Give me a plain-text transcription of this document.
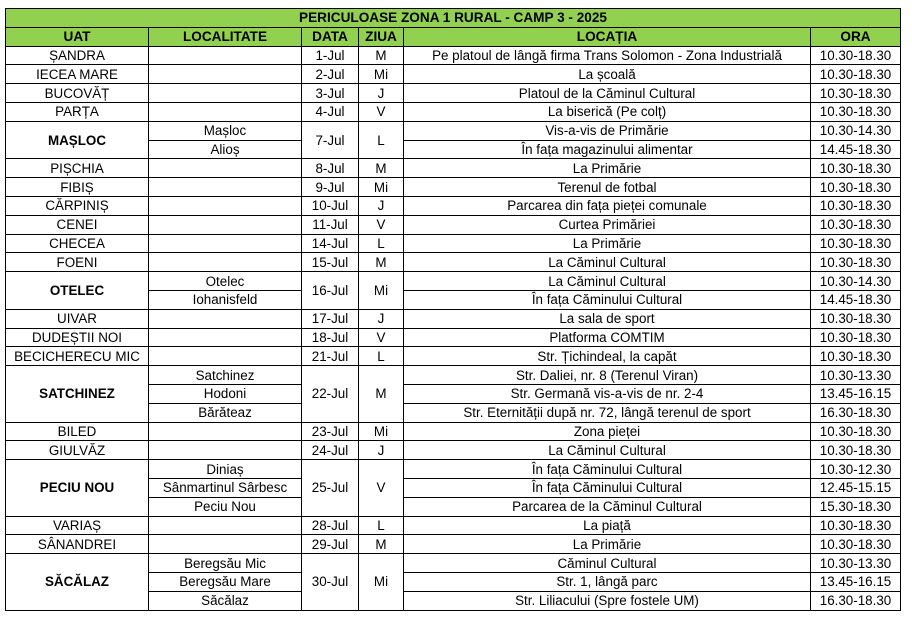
PERICULOASE ZONA 1 RURAL - CAMP 3 - 2025					
UAT	LOCALITATE	DATA	ZIUA	LOCAȚIA	ORA
ȘANDRA		1-Jul	M	Pe platoul de lângă firma Trans Solomon - Zona Industrială	10.30-18.30
IECEA MARE		2-Jul	Mi	La școală	10.30-18.30
BUCOVĂȚ		3-Jul	J	Platoul de la Căminul Cultural	10.30-18.30
PARȚA		4-Jul	V	La biserică (Pe colț)	10.30-18.30
MAȘLOC	Mașloc	7-Jul	L	Vis-a-vis de Primărie	10.30-14.30
	Alioș			În fața magazinului alimentar	14.45-18.30
PIȘCHIA		8-Jul	M	La Primărie	10.30-18.30
FIBIȘ		9-Jul	Mi	Terenul de fotbal	10.30-18.30
CĂRPINIȘ		10-Jul	J	Parcarea din fața pieței comunale	10.30-18.30
CENEI		11-Jul	V	Curtea Primăriei	10.30-18.30
CHECEA		14-Jul	L	La Primărie	10.30-18.30
FOENI		15-Jul	M	La Căminul Cultural	10.30-18.30
OTELEC	Otelec	16-Jul	Mi	La Căminul Cultural	10.30-14.30
	Iohanisfeld			În fața Căminului Cultural	14.45-18.30
UIVAR		17-Jul	J	La sala de sport	10.30-18.30
DUDEȘTII NOI		18-Jul	V	Platforma COMTIM	10.30-18.30
BECICHERECU MIC		21-Jul	L	Str. Țichindeal, la capăt	10.30-18.30
SATCHINEZ	Satchinez	22-Jul	M	Str. Daliei, nr. 8 (Terenul Viran)	10.30-13.30
	Hodoni			Str. Germană vis-a-vis de nr. 2-4	13.45-16.15
	Bărăteaz			Str. Eternității după nr. 72, lângă terenul de sport	16.30-18.30
BILED		23-Jul	Mi	Zona pieței	10.30-18.30
GIULVĂZ		24-Jul	J	La Căminul Cultural	10.30-18.30
PECIU NOU	Diniaș	25-Jul	V	În fața Căminului Cultural	10.30-12.30
	Sânmartinul Sârbesc			În fața Căminului Cultural	12.45-15.15
	Peciu Nou			Parcarea de la Căminul Cultural	15.30-18.30
VARIAȘ		28-Jul	L	La piață	10.30-18.30
SÂNANDREI		29-Jul	M	La Primărie	10.30-18.30
SĂCĂLAZ	Beregsău Mic	30-Jul	Mi	Căminul Cultural	10.30-13.30
	Beregsău Mare			Str. 1, lângă parc	13.45-16.15
	Săcălaz			Str. Liliacului (Spre fostele UM)	16.30-18.30
